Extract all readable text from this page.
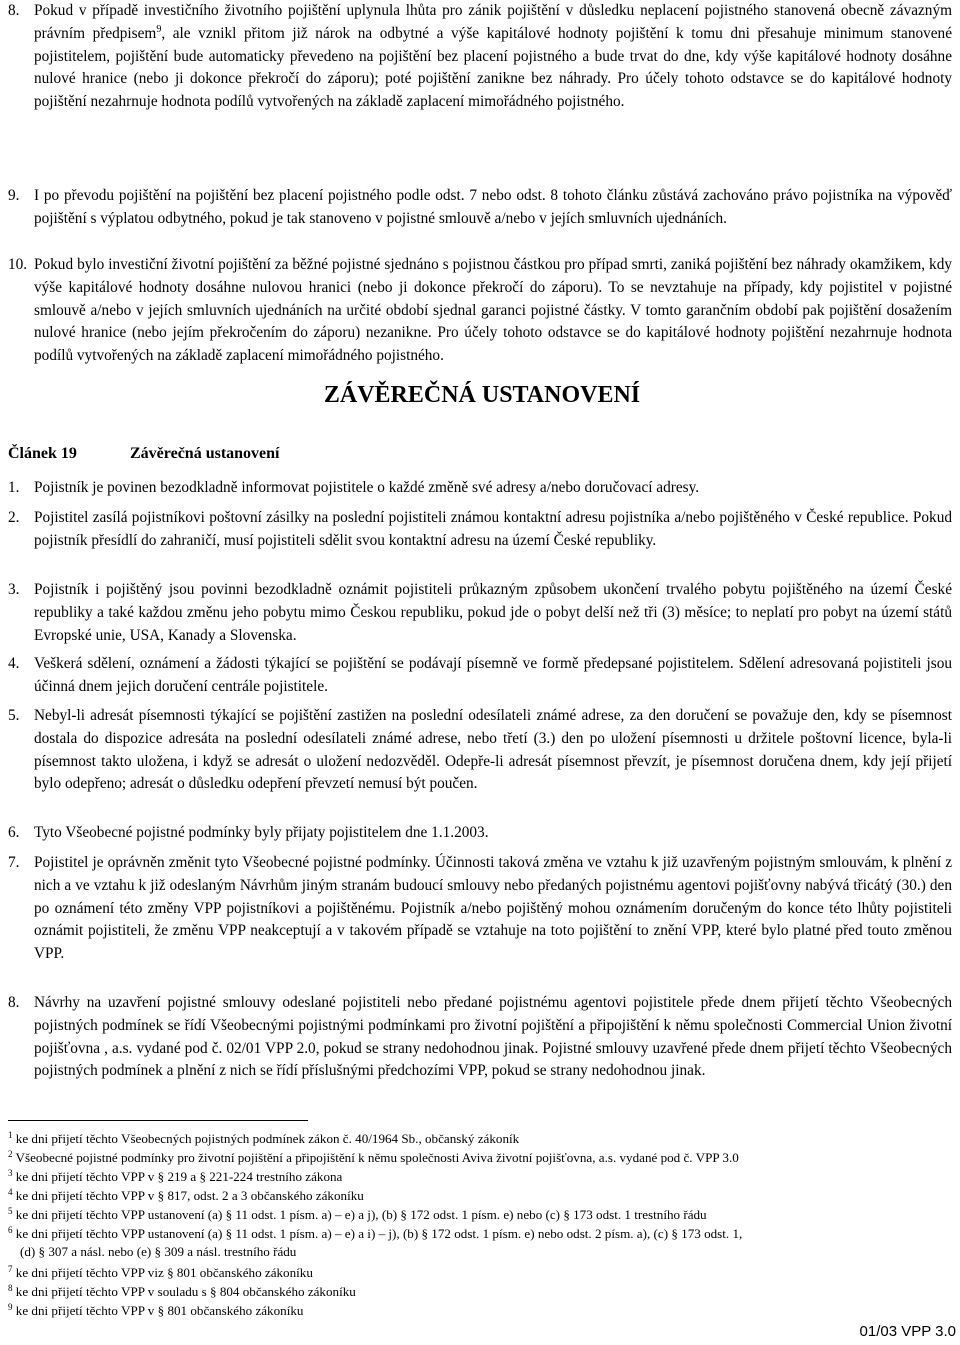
8. Pokud v případě investičního životního pojištění uplynula lhůta pro zánik pojištění v důsledku neplacení pojistného stanovená obecně závazným právním předpisem$^9$, ale vznikl přitom již nárok na odbytné a výše kapitálové hodnoty pojištění k tomu dni přesahuje minimum stanovené pojistitelem, pojištění bude automaticky převedeno na pojištění bez placení pojistného a bude trvat do dne, kdy výše kapitálové hodnoty dosáhne nulové hranice (nebo ji dokonce překročí do záporu); poté pojištění zanikne bez náhrady. Pro účely tohoto odstavce se do kapitálové hodnoty pojištění nezahrnuje hodnota podílů vytvořených na základě zaplacení mimořádného pojistného.
9. I po převodu pojištění na pojištění bez placení pojistného podle odst. 7 nebo odst. 8 tohoto článku zůstává zachováno právo pojistníka na výpověď pojištění s výplatou odbytného, pokud je tak stanoveno v pojistné smlouvě a/nebo v jejích smluvních ujednáních.
10. Pokud bylo investiční životní pojištění za běžné pojistné sjednáno s pojistnou částkou pro případ smrti, zaniká pojištění bez náhrady okamžikem, kdy výše kapitálové hodnoty dosáhne nulovou hranici (nebo ji dokonce překročí do záporu). To se nevztahuje na případy, kdy pojistitel v pojistné smlouvě a/nebo v jejích smluvních ujednáních na určité období sjednal garanci pojistné částky. V tomto garančním období pak pojištění dosažením nulové hranice (nebo jejím překročením do záporu) nezanikne. Pro účely tohoto odstavce se do kapitálové hodnoty pojištění nezahrnuje hodnota podílů vytvořených na základě zaplacení mimořádného pojistného.
ZÁVĚREČNÁ USTANOVENÍ
Článek 19	Závěrečná ustanovení
1. Pojistník je povinen bezodkladně informovat pojistitele o každé změně své adresy a/nebo doručovací adresy.
2. Pojistitel zasílá pojistníkovi poštovní zásilky na poslední pojistiteli známou kontaktní adresu pojistníka a/nebo pojištěného v České republice. Pokud pojistník přesídlí do zahraničí, musí pojistiteli sdělit svou kontaktní adresu na území České republiky.
3. Pojistník i pojištěný jsou povinni bezodkladně oznámit pojistiteli průkazným způsobem ukončení trvalého pobytu pojištěného na území České republiky a také každou změnu jeho pobytu mimo Českou republiku, pokud jde o pobyt delší než tři (3) měsíce; to neplatí pro pobyt na území států Evropské unie, USA, Kanady a Slovenska.
4. Veškerá sdělení, oznámení a žádosti týkající se pojištění se podávají písemně ve formě předepsané pojistitelem. Sdělení adresovaná pojistiteli jsou účinná dnem jejich doručení centrále pojistitele.
5. Nebyl-li adresát písemnosti týkající se pojištění zastižen na poslední odesílateli známé adrese, za den doručení se považuje den, kdy se písemnost dostala do dispozice adresáta na poslední odesílateli známé adrese, nebo třetí (3.) den po uložení písemnosti u držitele poštovní licence, byla-li písemnost takto uložena, i když se adresát o uložení nedozvěděl. Odepře-li adresát písemnost převzít, je písemnost doručena dnem, kdy její přijetí bylo odepřeno; adresát o důsledku odepření převzetí nemusí být poučen.
6. Tyto Všeobecné pojistné podmínky byly přijaty pojistitelem dne 1.1.2003.
7. Pojistitel je oprávněn změnit tyto Všeobecné pojistné podmínky. Účinnosti taková změna ve vztahu k již uzavřeným pojistným smlouvám, k plnění z nich a ve vztahu k již odeslaným Návrhům jiným stranám budoucí smlouvy nebo předaných pojistnému agentovi pojišťovny nabývá třicátý (30.) den po oznámení této změny VPP pojistníkovi a pojištěnému. Pojistník a/nebo pojištěný mohou oznámením doručeným do konce této lhůty pojistiteli oznámit pojistiteli, že změnu VPP neakceptují a v takovém případě se vztahuje na toto pojištění to znění VPP, které bylo platné před touto změnou VPP.
8. Návrhy na uzavření pojistné smlouvy odeslané pojistiteli nebo předané pojistnému agentovi pojistitele přede dnem přijetí těchto Všeobecných pojistných podmínek se řídí Všeobecnými pojistnými podmínkami pro životní pojištění a připojištění k němu společnosti Commercial Union životní pojišťovna , a.s. vydané pod č. 02/01 VPP 2.0, pokud se strany nedohodnou jinak. Pojistné smlouvy uzavřené přede dnem přijetí těchto Všeobecných pojistných podmínek a plnění z nich se řídí příslušnými předchozími VPP, pokud se strany nedohodnou jinak.
$^1$ ke dni přijetí těchto Všeobecných pojistných podmínek zákon č. 40/1964 Sb., občanský zákoník
$^2$ Všeobecné pojistné podmínky pro životní pojištění a připojištění k němu společnosti Aviva životní pojišťovna, a.s. vydané pod č. VPP 3.0
$^3$ ke dni přijetí těchto VPP v § 219 a § 221-224 trestního zákona
$^4$ ke dni přijetí těchto VPP v § 817, odst. 2 a 3 občanského zákoníku
$^5$ ke dni přijetí těchto VPP ustanovení (a) § 11 odst. 1 písm. a) – e) a j), (b) § 172 odst. 1 písm. e) nebo (c) § 173 odst. 1 trestního řádu
$^6$ ke dni přijetí těchto VPP ustanovení (a) § 11 odst. 1 písm. a) – e) a i) – j), (b) § 172 odst. 1 písm. e) nebo odst. 2 písm. a), (c) § 173 odst. 1,
(d) § 307 a násl. nebo (e) § 309 a násl. trestního řádu
$^7$ ke dni přijetí těchto VPP viz § 801 občanského zákoníku
$^8$ ke dni přijetí těchto VPP v souladu s § 804 občanského zákoníku
$^9$ ke dni přijetí těchto VPP v § 801 občanského zákoníku
01/03 VPP 3.0
